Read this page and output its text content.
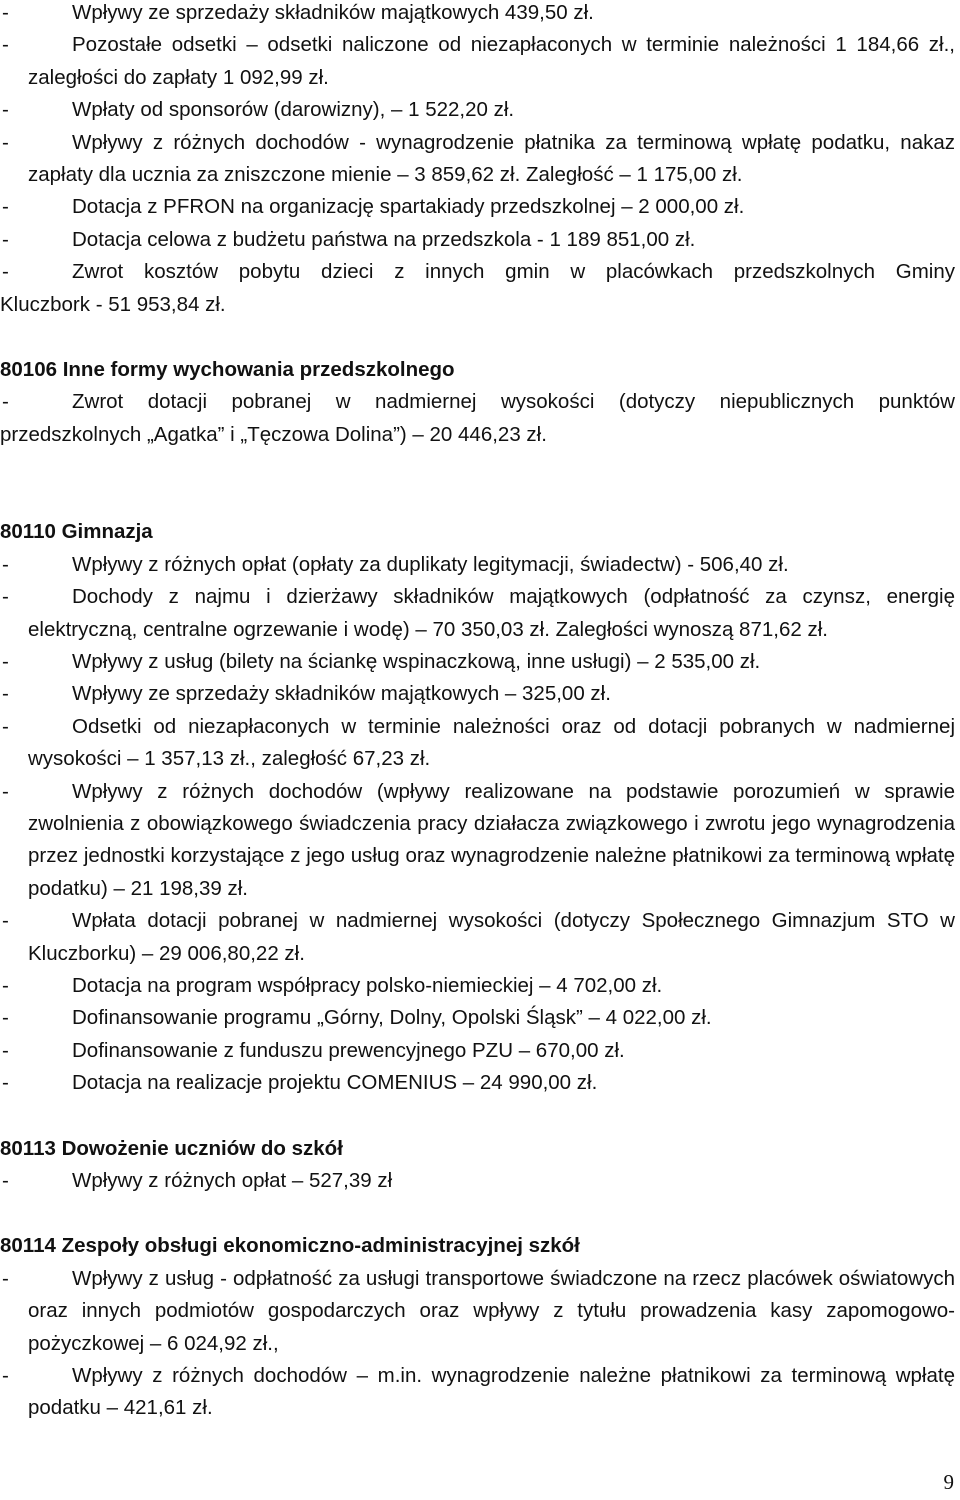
-	Wpływy ze sprzedaży składników majątkowych 439,50 zł.
-	Pozostałe odsetki – odsetki naliczone od niezapłaconych w terminie należności 1 184,66 zł., zaległości do zapłaty 1 092,99 zł.
-	Wpłaty od sponsorów (darowizny), – 1 522,20 zł.
-	Wpływy z różnych dochodów - wynagrodzenie płatnika za terminową wpłatę podatku, nakaz zapłaty dla ucznia za zniszczone mienie – 3 859,62 zł. Zaległość – 1 175,00 zł.
-	Dotacja z PFRON na organizację spartakiady przedszkolnej – 2 000,00 zł.
-	Dotacja celowa z budżetu państwa na przedszkola - 1 189 851,00 zł.
-	Zwrot kosztów pobytu dzieci z innych gmin w placówkach przedszkolnych Gminy
Kluczbork - 51 953,84 zł.
80106 Inne formy wychowania przedszkolnego
-	Zwrot dotacji pobranej w nadmiernej wysokości (dotyczy niepublicznych punktów
przedszkolnych „Agatka” i „Tęczowa Dolina”) – 20 446,23 zł.
80110 Gimnazja
-	Wpływy z różnych opłat (opłaty za duplikaty legitymacji, świadectw) - 506,40 zł.
-	Dochody z najmu i dzierżawy składników majątkowych (odpłatność za czynsz, energię elektryczną, centralne ogrzewanie i wodę) – 70 350,03 zł. Zaległości wynoszą 871,62 zł.
-	Wpływy z usług (bilety na ściankę wspinaczkową, inne usługi) – 2 535,00 zł.
-	Wpływy ze sprzedaży składników majątkowych – 325,00 zł.
-	Odsetki od niezapłaconych w terminie należności oraz od dotacji pobranych w nadmiernej wysokości – 1 357,13 zł., zaległość 67,23 zł.
-	Wpływy z różnych dochodów (wpływy realizowane na podstawie porozumień w sprawie zwolnienia z obowiązkowego świadczenia pracy działacza związkowego i zwrotu jego wynagrodzenia przez jednostki korzystające z jego usług oraz wynagrodzenie należne płatnikowi za terminową wpłatę podatku) – 21 198,39 zł.
-	Wpłata dotacji pobranej w nadmiernej wysokości (dotyczy Społecznego Gimnazjum STO w Kluczborku) – 29 006,80,22 zł.
-	Dotacja na program współpracy polsko-niemieckiej – 4 702,00 zł.
-	Dofinansowanie programu „Górny, Dolny, Opolski Śląsk” – 4 022,00 zł.
-	Dofinansowanie z funduszu prewencyjnego PZU – 670,00 zł.
-	Dotacja na realizacje projektu COMENIUS – 24 990,00 zł.
80113 Dowożenie uczniów do szkół
-	Wpływy z różnych opłat – 527,39 zł
80114 Zespoły obsługi ekonomiczno-administracyjnej szkół
-	Wpływy z usług - odpłatność za usługi transportowe świadczone na rzecz placówek oświatowych oraz innych podmiotów gospodarczych oraz wpływy z tytułu prowadzenia kasy zapomogowo-pożyczkowej – 6 024,92 zł.,
-	Wpływy z różnych dochodów – m.in. wynagrodzenie należne płatnikowi za terminową wpłatę podatku – 421,61 zł.
9
